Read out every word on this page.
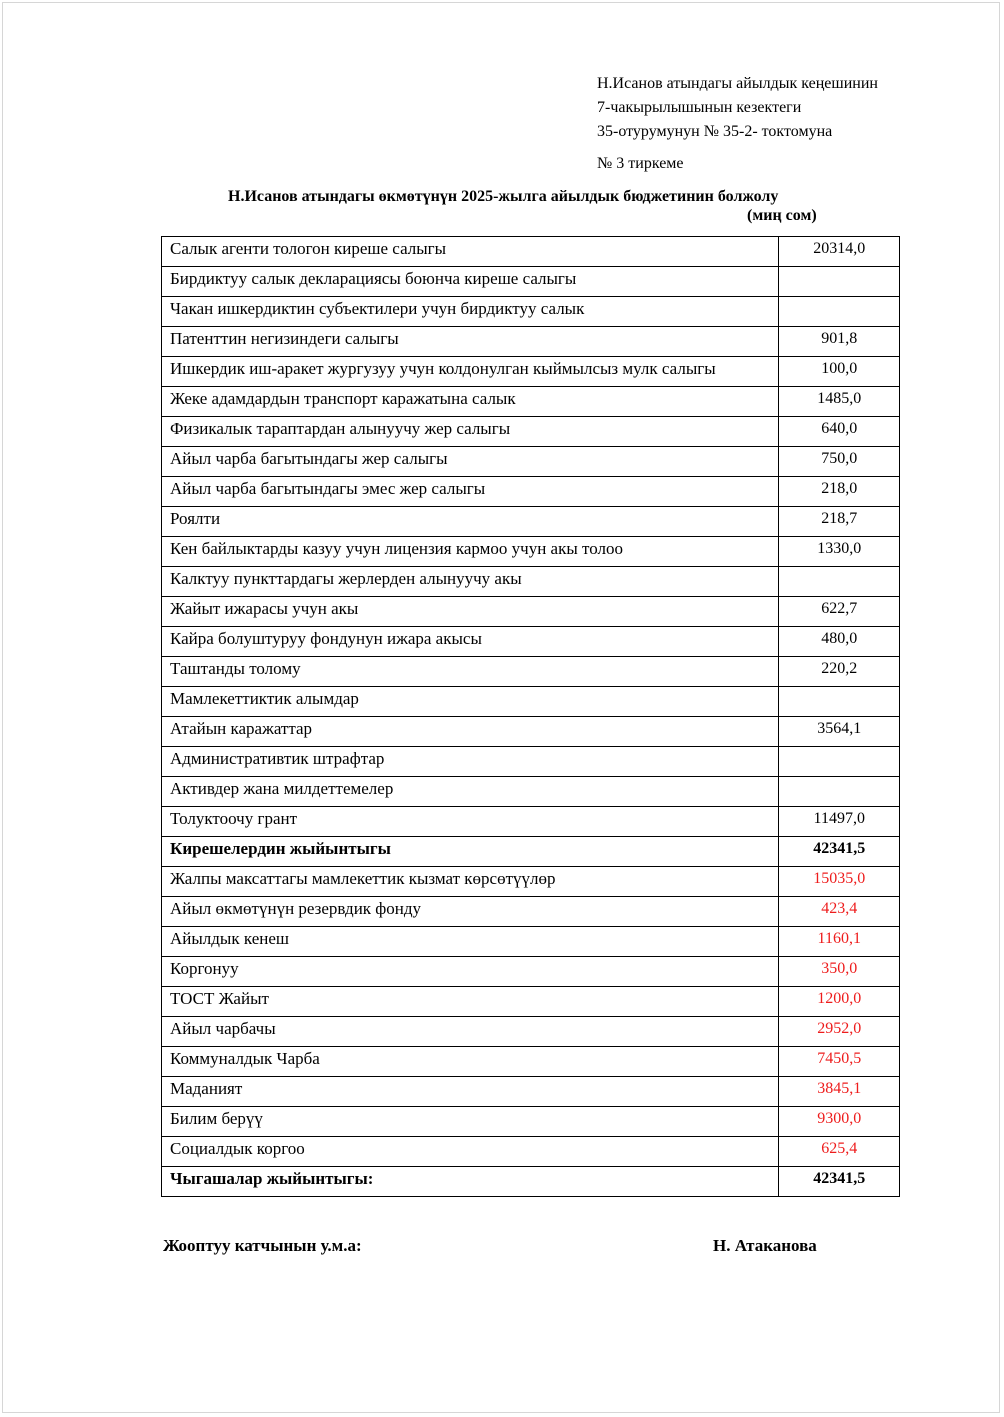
Н.Исанов атындагы айылдык кеңешинин
7-чакырылышынын кезектеги
35-отурумунун № 35-2- токтомуна
№ 3 тиркеме
Н.Исанов атындагы өкмөтүнүн 2025-жылга айылдык бюджетинин болжолу
(миң сом)
Салык агенти тологон киреше салыгы	20314,0
Бирдиктуу салык декларациясы боюнча киреше салыгы	
Чакан ишкердиктин субъектилери учун бирдиктуу салык	
Патенттин негизиндеги салыгы	901,8
Ишкердик иш-аракет жургузуу учун колдонулган кыймылсыз мулк салыгы	100,0
Жеке адамдардын транспорт каражатына салык	1485,0
Физикалык тараптардан алынуучу жер салыгы	640,0
Айыл чарба багытындагы жер салыгы	750,0
Айыл чарба багытындагы эмес жер салыгы	218,0
Роялти	218,7
Кен байлыктарды казуу учун лицензия кармоо учун акы толоо	1330,0
Калктуу пункттардагы жерлерден алынуучу акы	
Жайыт ижарасы учун акы	622,7
Кайра болуштуруу фондунун ижара акысы	480,0
Таштанды толому	220,2
Мамлекеттиктик алымдар	
Атайын каражаттар	3564,1
Административтик штрафтар	
Активдер жана милдеттемелер	
Толуктоочу грант	11497,0
Кирешелердин жыйынтыгы	42341,5
Жалпы максаттагы мамлекеттик кызмат көрсөтүүлөр	15035,0
Айыл өкмөтүнүн резервдик фонду	423,4
Айылдык кенеш	1160,1
Коргонуу	350,0
ТОСТ Жайыт	1200,0
Айыл чарбачы	2952,0
Коммуналдык Чарба	7450,5
Маданият	3845,1
Билим берүү	9300,0
Социалдык коргоо	625,4
Чыгашалар жыйынтыгы:	42341,5
Жооптуу катчынын у.м.а:	Н. Атаканова
